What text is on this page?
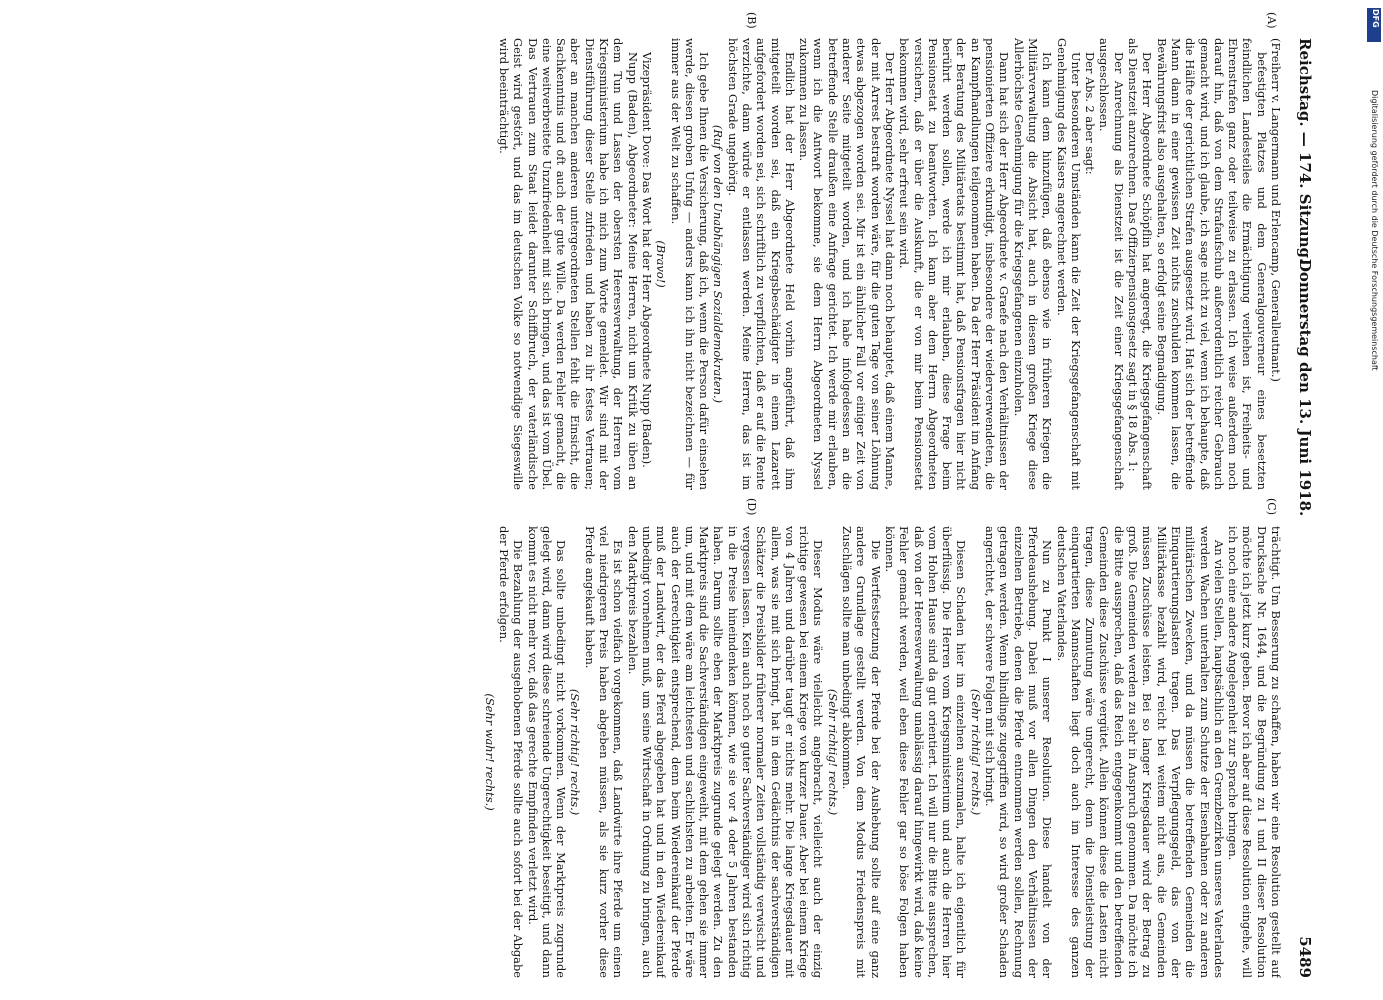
Reichstag. — 174. Sitzung.
Donnerstag den 13. Juni 1918.                            5489

(Freiherr v. Langermann und Erlencamp, Generalleutnant.)

befestigten Platzes und dem Generalgouverneur eines besetzten feindlichen Landesteiles die Ermächtigung verliehen ist, Freiheits- und Ehrenstrafen ganz oder teilweise zu erlassen. Ich weise außerdem noch darauf hin, daß von dem Strafaufschub außerordentlich reicher Gebrauch gemacht wird, und ich glaube, ich sage nicht zu viel, wenn ich behaupte, daß die Hälfte der gerichtlichen Strafen ausgesetzt wird. Hat sich der betreffende Mann dann in einer gewissen Zeit nichts zuschulden kommen lassen, die Bewährungsfrist also ausgehalten, so erfolgt seine Begnadigung.

Der Herr Abgeordnete Schöpflin hat angeregt, die Kriegsgefangenschaft als Dienstzeit anzurechnen. Das Offizierpensionsgesetz sagt in § 18 Abs. 1:

Der Anrechnung als Dienstzeit ist die Zeit einer Kriegsgefangenschaft ausgeschlossen.

Der Abs. 2 aber sagt:

Unter besonderen Umständen kann die Zeit der Kriegsgefangenschaft mit Genehmigung des Kaisers angerechnet werden.

Ich kann dem hinzufügen, daß ebenso wie in früheren Kriegen die Militärverwaltung die Absicht hat, auch in diesem großen Kriege diese Allerhöchste Genehmigung für die Kriegsgefangenen einzuholen.

Dann hat sich der Herr Abgeordnete v. Graefe nach den Verhältnissen der pensionierten Offiziere erkundigt, insbesondere der wiederverwendeten, die an Kampfhandlungen teilgenommen haben. Da der Herr Präsident im Anfang der Beratung des Militäretats bestimmt hat, daß Pensionsfragen hier nicht berührt werden sollen, werde ich mir erlauben, diese Frage beim Pensionsetat zu beantworten. Ich kann aber dem Herrn Abgeordneten versichern, daß er über die Auskunft, die er von mir beim Pensionsetat bekommen wird, sehr erfreut sein wird.

Der Herr Abgeordnete Nyssel hat dann noch behauptet, daß einem Manne, der mit Arrest bestraft worden wäre, für die guten Tage von seiner Löhnung etwas abgezogen worden sei. Mir ist ein ähnlicher Fall vor einiger Zeit von anderer Seite mitgeteilt worden, und ich habe infolgedessen an die betreffende Stelle draußen eine Anfrage gerichtet. Ich werde mir erlauben, wenn ich die Antwort bekomme, sie dem Herrn Abgeordneten Nyssel zukommen zu lassen.

Endlich hat der Herr Abgeordnete Held vorhin angeführt, daß ihm mitgeteilt worden sei, daß ein Kriegsbeschädigter in einem Lazarett aufgefordert worden sei, sich schriftlich zu verpflichten, daß er auf die Rente verzichte, dann würde er entlassen werden. Meine Herren, das ist im höchsten Grade ungehörig.

(Ruf von den Unabhängigen Sozialdemokraten.)

Ich gebe Ihnen die Versicherung, daß ich, wenn die Person dafür einsehen werde, diesen groben Unfug — anders kann ich ihn nicht bezeichnen — für immer aus der Welt zu schaffen.

(Bravo!)

Vizepräsident Dove: Das Wort hat der Herr Abgeordnete Nupp (Baden).

Nupp (Baden), Abgeordneter: Meine Herren, nicht um Kritik zu üben an dem Tun und Lassen der obersten Heeresverwaltung, der Herren vom Kriegsministerium habe ich mich zum Worte gemeldet. Wir sind mit der Dienstführung dieser Stelle zufrieden und haben zu ihr festes Vertrauen; aber an manchen anderen untergeordneten Stellen fehlt die Einsicht, die Sachkenntnis und oft auch der gute Wille. Da werden Fehler gemacht, die eine weitverbreitete Unzufriedenheit mit sich bringen, und das ist vom Übel. Das Vertrauen zum Staat leidet darunter Schiffbruch, der vaterländische Geist wird gestört, und das im deutschen Volke so notwendige Siegeswille wird beeinträchtigt.

trächtigt. Um Besserung zu schaffen, haben wir eine Resolution gestellt auf Drucksache Nr. 1644, und die Begründung zu I und II dieser Resolution möchte ich jetzt kurz geben. Bevor ich aber auf diese Resolution eingehe, will ich noch eine andere Angelegenheit zur Sprache bringen.

An vielen Stellen, hauptsächlich an den Grenzbezirken unseres Vaterlandes werden Wachen unterhalten zum Schutze der Eisenbahnen oder zu anderen militärischen Zwecken, und da müssen die betreffenden Gemeinden die Einquartierungslasten tragen. Das Verpflegungsgeld, das von der Militärkasse bezahlt wird, reicht bei weitem nicht aus, die Gemeinden müssen Zuschüsse leisten. Bei so langer Kriegsdauer wird der Betrag zu groß. Die Gemeinden werden zu sehr in Anspruch genommen. Da möchte ich die Bitte aussprechen, daß das Reich entgegenkommt und den betreffenden Gemeinden diese Zuschüsse vergütet. Allein können diese die Lasten nicht tragen, diese Zumutung wäre ungerecht, denn die Dienstleistung der einquartierten Mannschaften liegt doch auch im Interesse des ganzen deutschen Vaterlandes.

Nun zu Punkt I unserer Resolution. Diese handelt von der Pferdeaushebung. Dabei muß vor allen Dingen den Verhältnissen der einzelnen Betriebe, denen die Pferde entnommen werden sollen, Rechnung getragen werden. Wenn blindlings zugegriffen wird, so wird großer Schaden angerichtet, der schwere Folgen mit sich bringt.

(Sehr richtig! rechts.)

Diesen Schaden hier im einzelnen auszumalen, halte ich eigentlich für überflüssig. Die Herren vom Kriegsministerium und auch die Herren hier vom Hohen Hause sind da gut orientiert. Ich will nur die Bitte aussprechen, daß von der Heeresverwaltung unablässig darauf hingewirkt wird, daß keine Fehler gemacht werden, weil eben diese Fehler gar so böse Folgen haben können.

Die Wertfestsetzung der Pferde bei der Aushebung sollte auf eine ganz andere Grundlage gestellt werden. Von dem Modus Friedenspreis mit Zuschlägen sollte man unbedingt abkommen.

(Sehr richtig! rechts.)

Dieser Modus wäre vielleicht angebracht, vielleicht auch der einzig richtige gewesen bei einem Kriege von kurzer Dauer. Aber bei einem Kriege von 4 Jahren und darüber taugt er nichts mehr. Die lange Kriegsdauer mit allem, was sie mit sich bringt, hat in dem Gedächtnis der sachverständigen Schätzer die Preisbilder früherer normaler Zeiten vollständig verwischt und vergessen lassen. Kein auch noch so guter Sachverständiger wird sich richtig in die Preise hineindenken können, wie sie vor 4 oder 5 Jahren bestanden haben. Darum sollte eben der Marktpreis zugrunde gelegt werden. Zu den Marktpreis sind die Sachverständigen eingeweiht, mit dem gehen sie immer um, und mit dem wäre am leichtesten und sachlichsten zu arbeiten. Er wäre auch der Gerechtigkeit entsprechend, denn beim Wiedereinkauf der Pferde muß der Landwirt, der das Pferd abgegeben hat und in den Wiedereinkauf unbedingt vornehmen muß, um seine Wirtschaft in Ordnung zu bringen, auch den Marktpreis bezahlen.

Es ist schon vielfach vorgekommen, daß Landwirte ihre Pferde um einen viel niedrigeren Preis haben abgeben müssen, als sie kurz vorher diese Pferde angekauft haben.

(Sehr richtig! rechts.)

Das sollte unbedingt nicht vorkommen. Wenn der Marktpreis zugrunde gelegt wird, dann wird diese schreiende Ungerechtigkeit beseitigt, und dann kommt es nicht mehr vor, daß das gerechte Empfinden verletzt wird.

Die Bezahlung der ausgehobenen Pferde sollte auch sofort bei der Abgabe der Pferde erfolgen.

(Sehr wahr! rechts.)

(A)
(B)
(C)
(D)
DFG
Digitalisierung gefördert durch die Deutsche Forschungsgemeinschaft
